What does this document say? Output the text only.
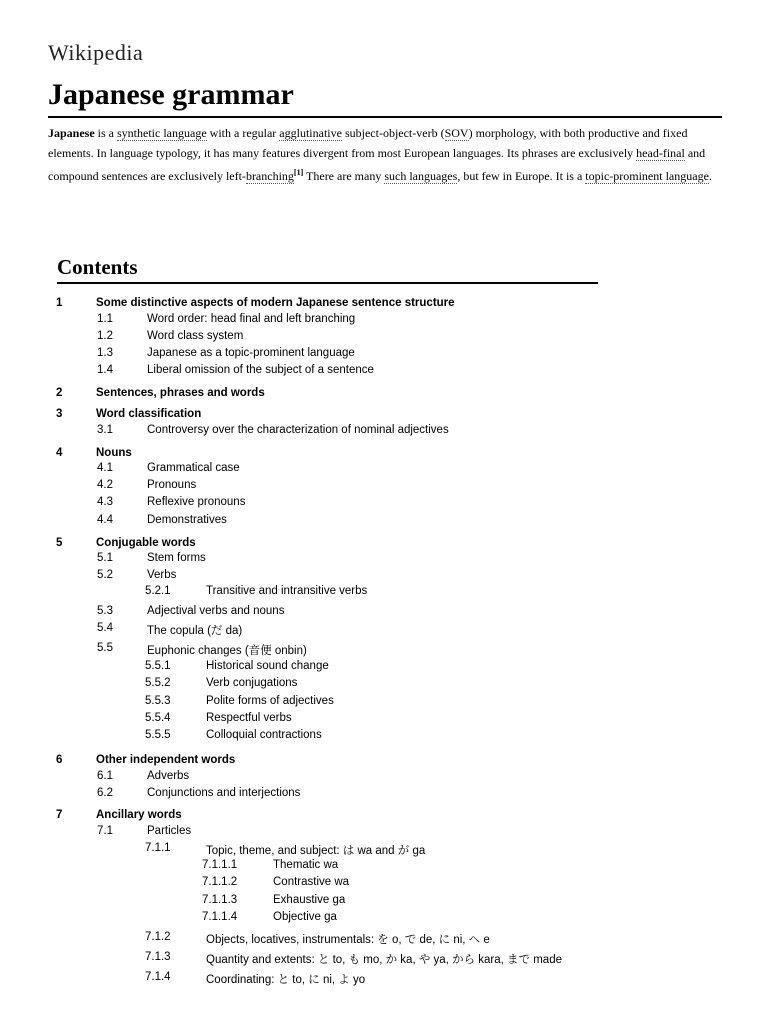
Wikipedia
Japanese grammar

Japanese is a synthetic language with a regular agglutinative subject-object-verb (SOV) morphology, with both productive and fixed elements. In language typology, it has many features divergent from most European languages. Its phrases are exclusively head-final and compound sentences are exclusively left-branching[1] There are many such languages, but few in Europe. It is a topic-prominent language.

Contents
1	Some distinctive aspects of modern Japanese sentence structure
1.1	Word order: head final and left branching
1.2	Word class system
1.3	Japanese as a topic-prominent language
1.4	Liberal omission of the subject of a sentence
2	Sentences, phrases and words
3	Word classification
3.1	Controversy over the characterization of nominal adjectives
4	Nouns
4.1	Grammatical case
4.2	Pronouns
4.3	Reflexive pronouns
4.4	Demonstratives
5	Conjugable words
5.1	Stem forms
5.2	Verbs
5.2.1	Transitive and intransitive verbs
5.3	Adjectival verbs and nouns
5.4	The copula (だ da)
5.5	Euphonic changes (音便 onbin)
5.5.1	Historical sound change
5.5.2	Verb conjugations
5.5.3	Polite forms of adjectives
5.5.4	Respectful verbs
5.5.5	Colloquial contractions
6	Other independent words
6.1	Adverbs
6.2	Conjunctions and interjections
7	Ancillary words
7.1	Particles
7.1.1	Topic, theme, and subject: は wa and が ga
7.1.1.1	Thematic wa
7.1.1.2	Contrastive wa
7.1.1.3	Exhaustive ga
7.1.1.4	Objective ga
7.1.2	Objects, locatives, instrumentals: を o, で de, に ni, へ e
7.1.3	Quantity and extents: と to, も mo, か ka, や ya, から kara, まで made
7.1.4	Coordinating: と to, に ni, よ yo
